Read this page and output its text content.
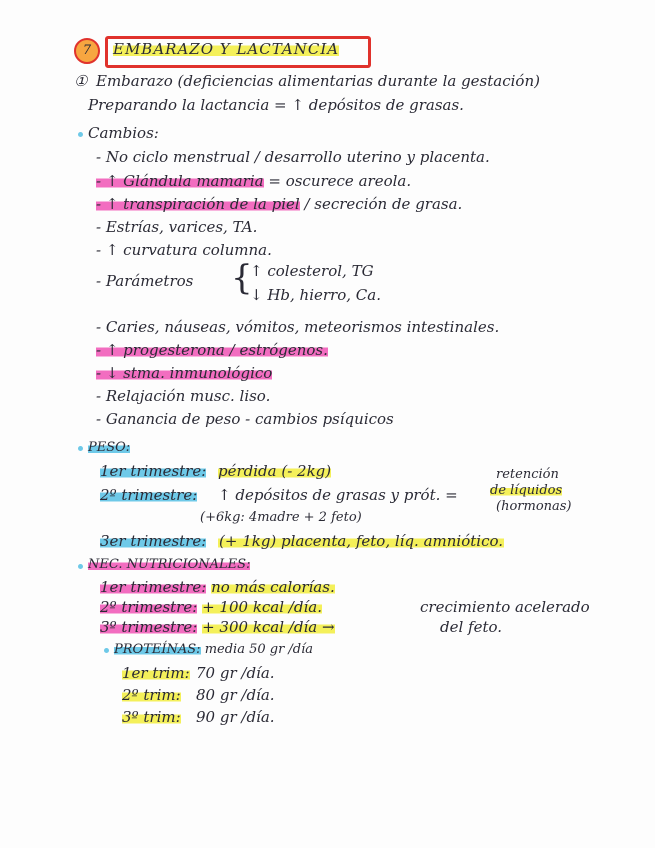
7	EMBARAZO Y LACTANCIA
① Embarazo (deficiencias alimentarias durante la gestación)
Preparando la lactancia = ↑ depósitos de grasas.
Cambios:
- No ciclo menstrual / desarrollo uterino y placenta.
- ↑ Glándula mamaria = oscurece areola.
- ↑ transpiración de la piel / secreción de grasa.
- Estrías, varices, TA.
- ↑ curvatura columna.
- Parámetros {
↑ colesterol, TG
↓ Hb, hierro, Ca.
- Caries, náuseas, vómitos, meteorismos intestinales.
- ↑ progesterona / estrógenos.
- ↓ stma. inmunológico
- Relajación musc. liso.
- Ganancia de peso - cambios psíquicos
PESO:
1er trimestre: pérdida (- 2kg)
2º trimestre: ↑ depósitos de grasas y prót. =
retención
de líquidos
(hormonas)
(+6kg: 4madre + 2 feto)
3er trimestre: (+ 1kg) placenta, feto, líq. amniótico.
NEC. NUTRICIONALES:
1er trimestre: no más calorías.
2º trimestre: + 100 kcal /día.
3º trimestre: + 300 kcal /día →
crecimiento acelerado
del feto.
PROTEÍNAS: media 50 gr /día
1er trim: 70 gr /día.
2º trim: 80 gr /día.
3º trim: 90 gr /día.
